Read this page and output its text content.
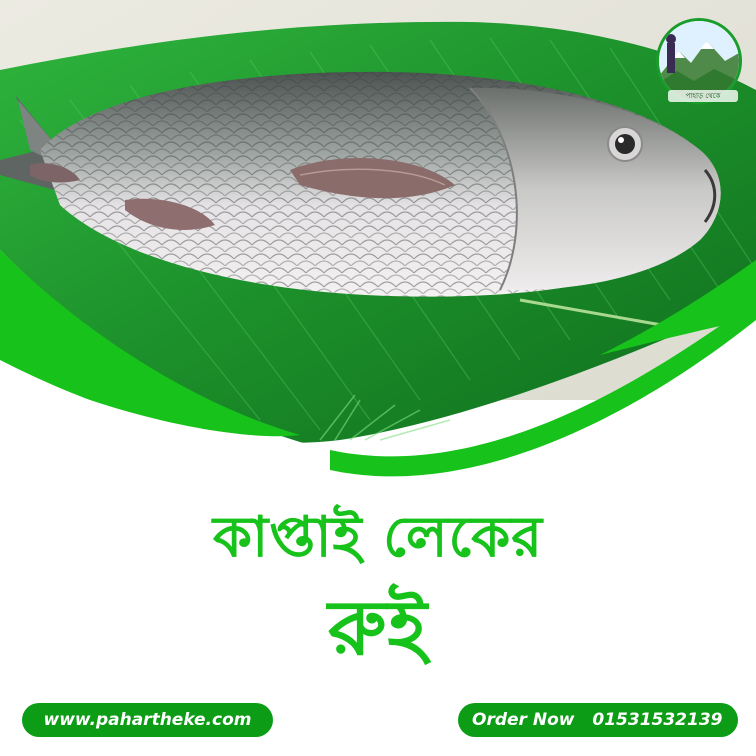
পাহাড় থেকে
কাপ্তাই লেকের
রুই
www.pahartheke.com	Order Now 01531532139
